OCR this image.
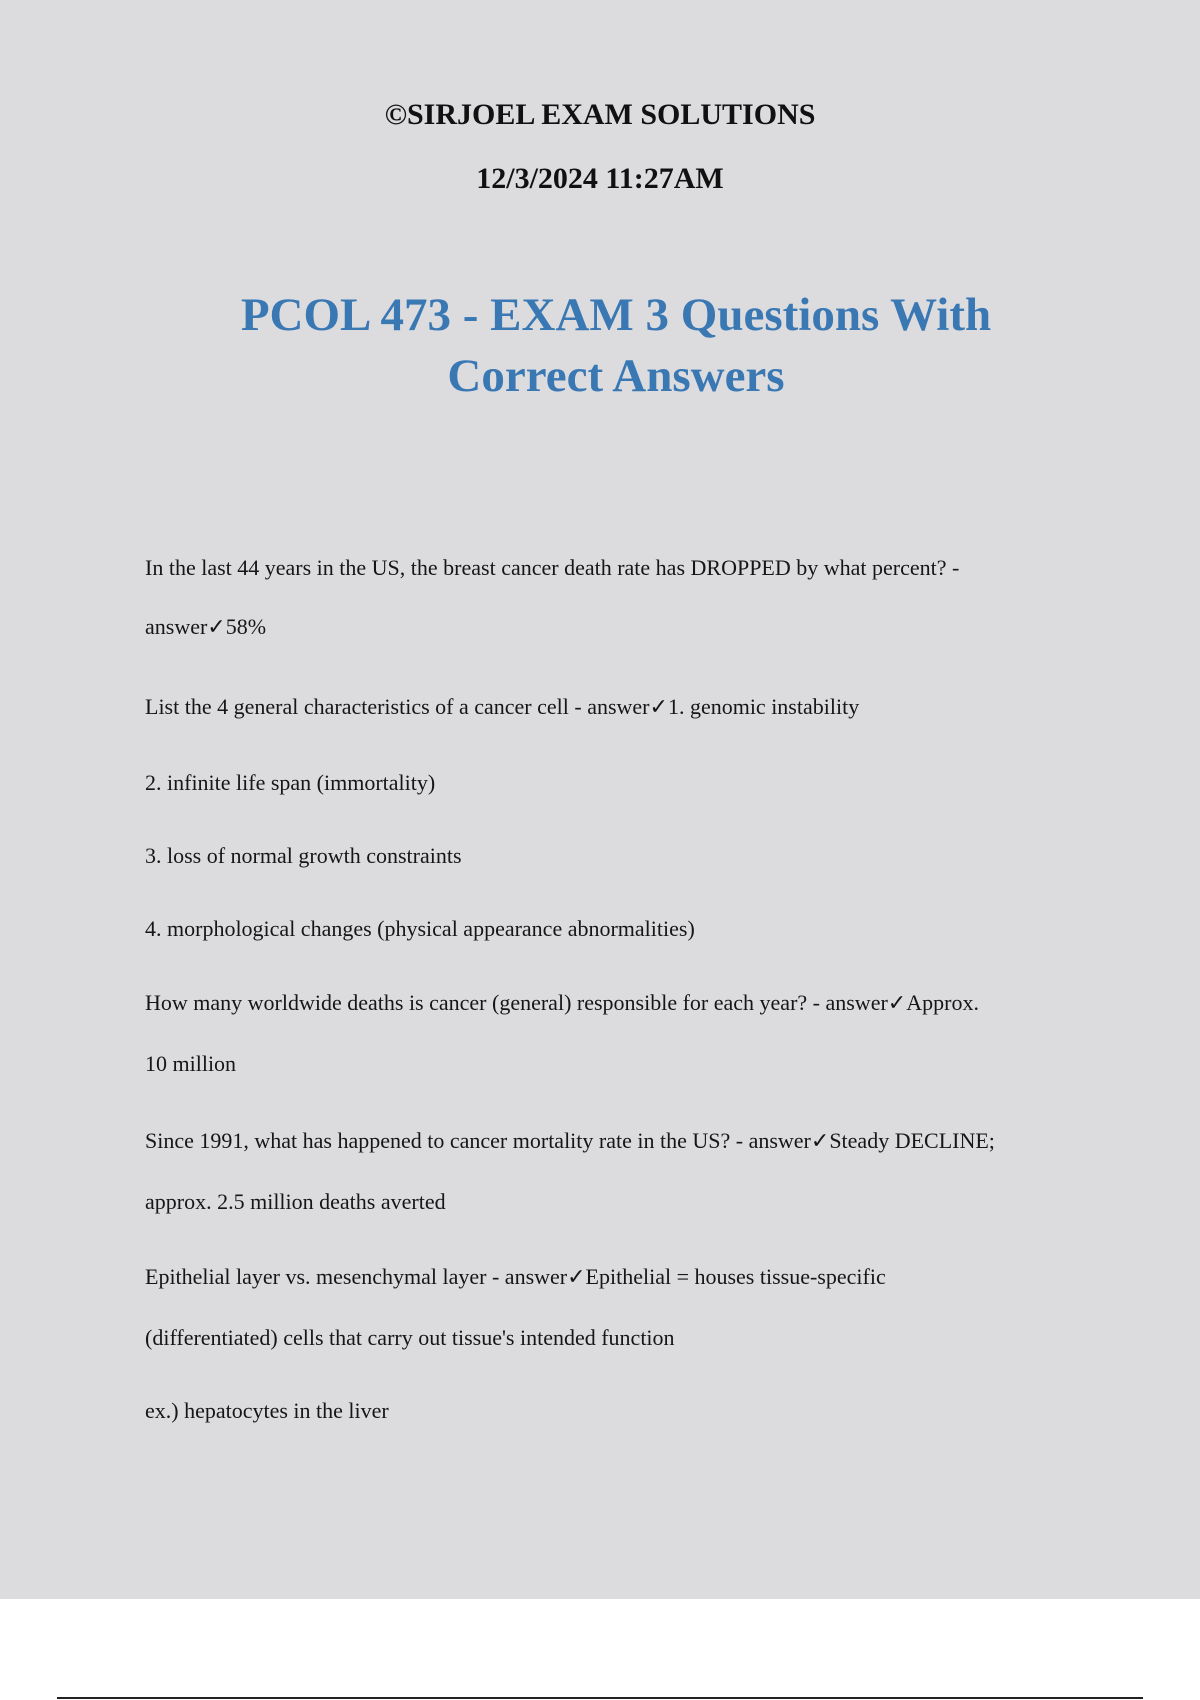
©SIRJOEL EXAM SOLUTIONS
12/3/2024 11:27AM
PCOL 473 - EXAM 3 Questions With Correct Answers
In the last 44 years in the US, the breast cancer death rate has DROPPED by what percent? -
answer✓58%
List the 4 general characteristics of a cancer cell - answer✓1. genomic instability
2. infinite life span (immortality)
3. loss of normal growth constraints
4. morphological changes (physical appearance abnormalities)
How many worldwide deaths is cancer (general) responsible for each year? - answer✓Approx.
10 million
Since 1991, what has happened to cancer mortality rate in the US? - answer✓Steady DECLINE;
approx. 2.5 million deaths averted
Epithelial layer vs. mesenchymal layer - answer✓Epithelial = houses tissue-specific
(differentiated) cells that carry out tissue's intended function
ex.) hepatocytes in the liver
